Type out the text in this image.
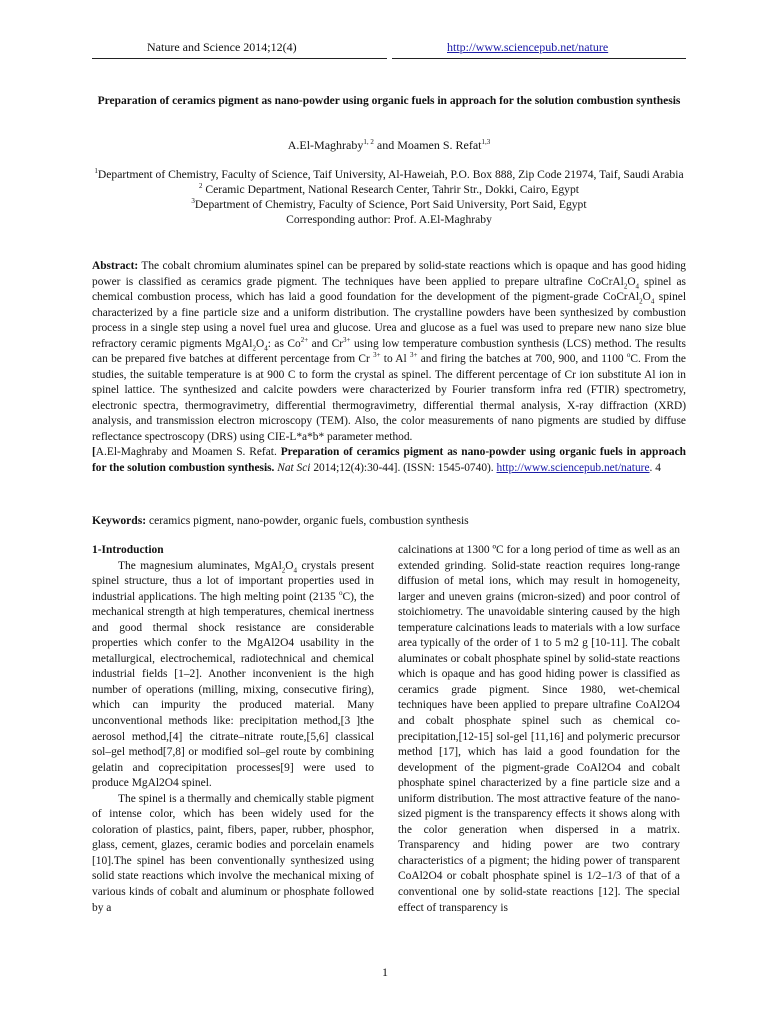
Nature and Science 2014;12(4)	http://www.sciencepub.net/nature
Preparation of ceramics pigment as nano-powder using organic fuels in approach for the solution combustion synthesis
A.El-Maghraby$^{1, 2}$ and Moamen S. Refat$^{1,3}$
$^1$Department of Chemistry, Faculty of Science, Taif University, Al-Haweiah, P.O. Box 888, Zip Code 21974, Taif, Saudi Arabia
$^2$ Ceramic Department, National Research Center, Tahrir Str., Dokki, Cairo, Egypt
$^3$Department of Chemistry, Faculty of Science, Port Said University, Port Said, Egypt
Corresponding author: Prof. A.El-Maghraby

Abstract: The cobalt chromium aluminates spinel can be prepared by solid-state reactions which is opaque and has good hiding power is classified as ceramics grade pigment. The techniques have been applied to prepare ultrafine $CoCrAl_2O_4$ spinel as chemical combustion process, which has laid a good foundation for the development of the pigment-grade $CoCrAl_2O_4$ spinel characterized by a fine particle size and a uniform distribution. The crystalline powders have been synthesized by combustion process in a single step using a novel fuel urea and glucose. Urea and glucose as a fuel was used to prepare new nano size blue refractory ceramic pigments $MgAl_2O_4$: as $Co^{2+}$ and $Cr^{3+}$ using low temperature combustion synthesis (LCS) method. The results can be prepared five batches at different percentage from Cr $^{3+}$ to Al $^{3+}$ and firing the batches at 700, 900, and 1100 $^o$C. From the studies, the suitable temperature is at 900 C to form the crystal as spinel. The different percentage of Cr ion substitute Al ion in spinel lattice. The synthesized and calcite powders were characterized by Fourier transform infra red (FTIR) spectrometry, electronic spectra, thermogravimetry, differential thermogravimetry, differential thermal analysis, X-ray diffraction (XRD) analysis, and transmission electron microscopy (TEM). Also, the color measurements of nano pigments are studied by diffuse reflectance spectroscopy (DRS) using CIE-L*a*b* parameter method.

[A.El-Maghraby and Moamen S. Refat. Preparation of ceramics pigment as nano-powder using organic fuels in approach for the solution combustion synthesis. Nat Sci 2014;12(4):30-44]. (ISSN: 1545-0740). http://www.sciencepub.net/nature. 4

Keywords: ceramics pigment, nano-powder, organic fuels, combustion synthesis

1-Introduction

The magnesium aluminates, $MgAl_2O_4$ crystals present spinel structure, thus a lot of important properties used in industrial applications. The high melting point (2135 $^o$C), the mechanical strength at high temperatures, chemical inertness and good thermal shock resistance are considerable properties which confer to the MgAl2O4 usability in the metallurgical, electrochemical, radiotechnical and chemical industrial fields [1–2]. Another inconvenient is the high number of operations (milling, mixing, consecutive firing), which can impurity the produced material. Many unconventional methods like: precipitation method,[3 ]the aerosol method,[4] the citrate–nitrate route,[5,6] classical sol–gel method[7,8] or modified sol–gel route by combining gelatin and coprecipitation processes[9] were used to produce MgAl2O4 spinel.

The spinel is a thermally and chemically stable pigment of intense color, which has been widely used for the coloration of plastics, paint, fibers, paper, rubber, phosphor, glass, cement, glazes, ceramic bodies and porcelain enamels [10].The spinel has been conventionally synthesized using solid state reactions which involve the mechanical mixing of various kinds of cobalt and aluminum or phosphate followed by a

calcinations at 1300 ºC for a long period of time as well as an extended grinding. Solid-state reaction requires long-range diffusion of metal ions, which may result in homogeneity, larger and uneven grains (micron-sized) and poor control of stoichiometry. The unavoidable sintering caused by the high temperature calcinations leads to materials with a low surface area typically of the order of 1 to 5 m2 g [10-11]. The cobalt aluminates or cobalt phosphate spinel by solid-state reactions which is opaque and has good hiding power is classified as ceramics grade pigment. Since 1980, wet-chemical techniques have been applied to prepare ultrafine CoAl2O4 and cobalt phosphate spinel such as chemical co-precipitation,[12-15] sol-gel [11,16] and polymeric precursor method [17], which has laid a good foundation for the development of the pigment-grade CoAl2O4 and cobalt phosphate spinel characterized by a fine particle size and a uniform distribution. The most attractive feature of the nano-sized pigment is the transparency effects it shows along with the color generation when dispersed in a matrix. Transparency and hiding power are two contrary characteristics of a pigment; the hiding power of transparent CoAl2O4 or cobalt phosphate spinel is 1/2–1/3 of that of a conventional one by solid-state reactions [12]. The special effect of transparency is

1
